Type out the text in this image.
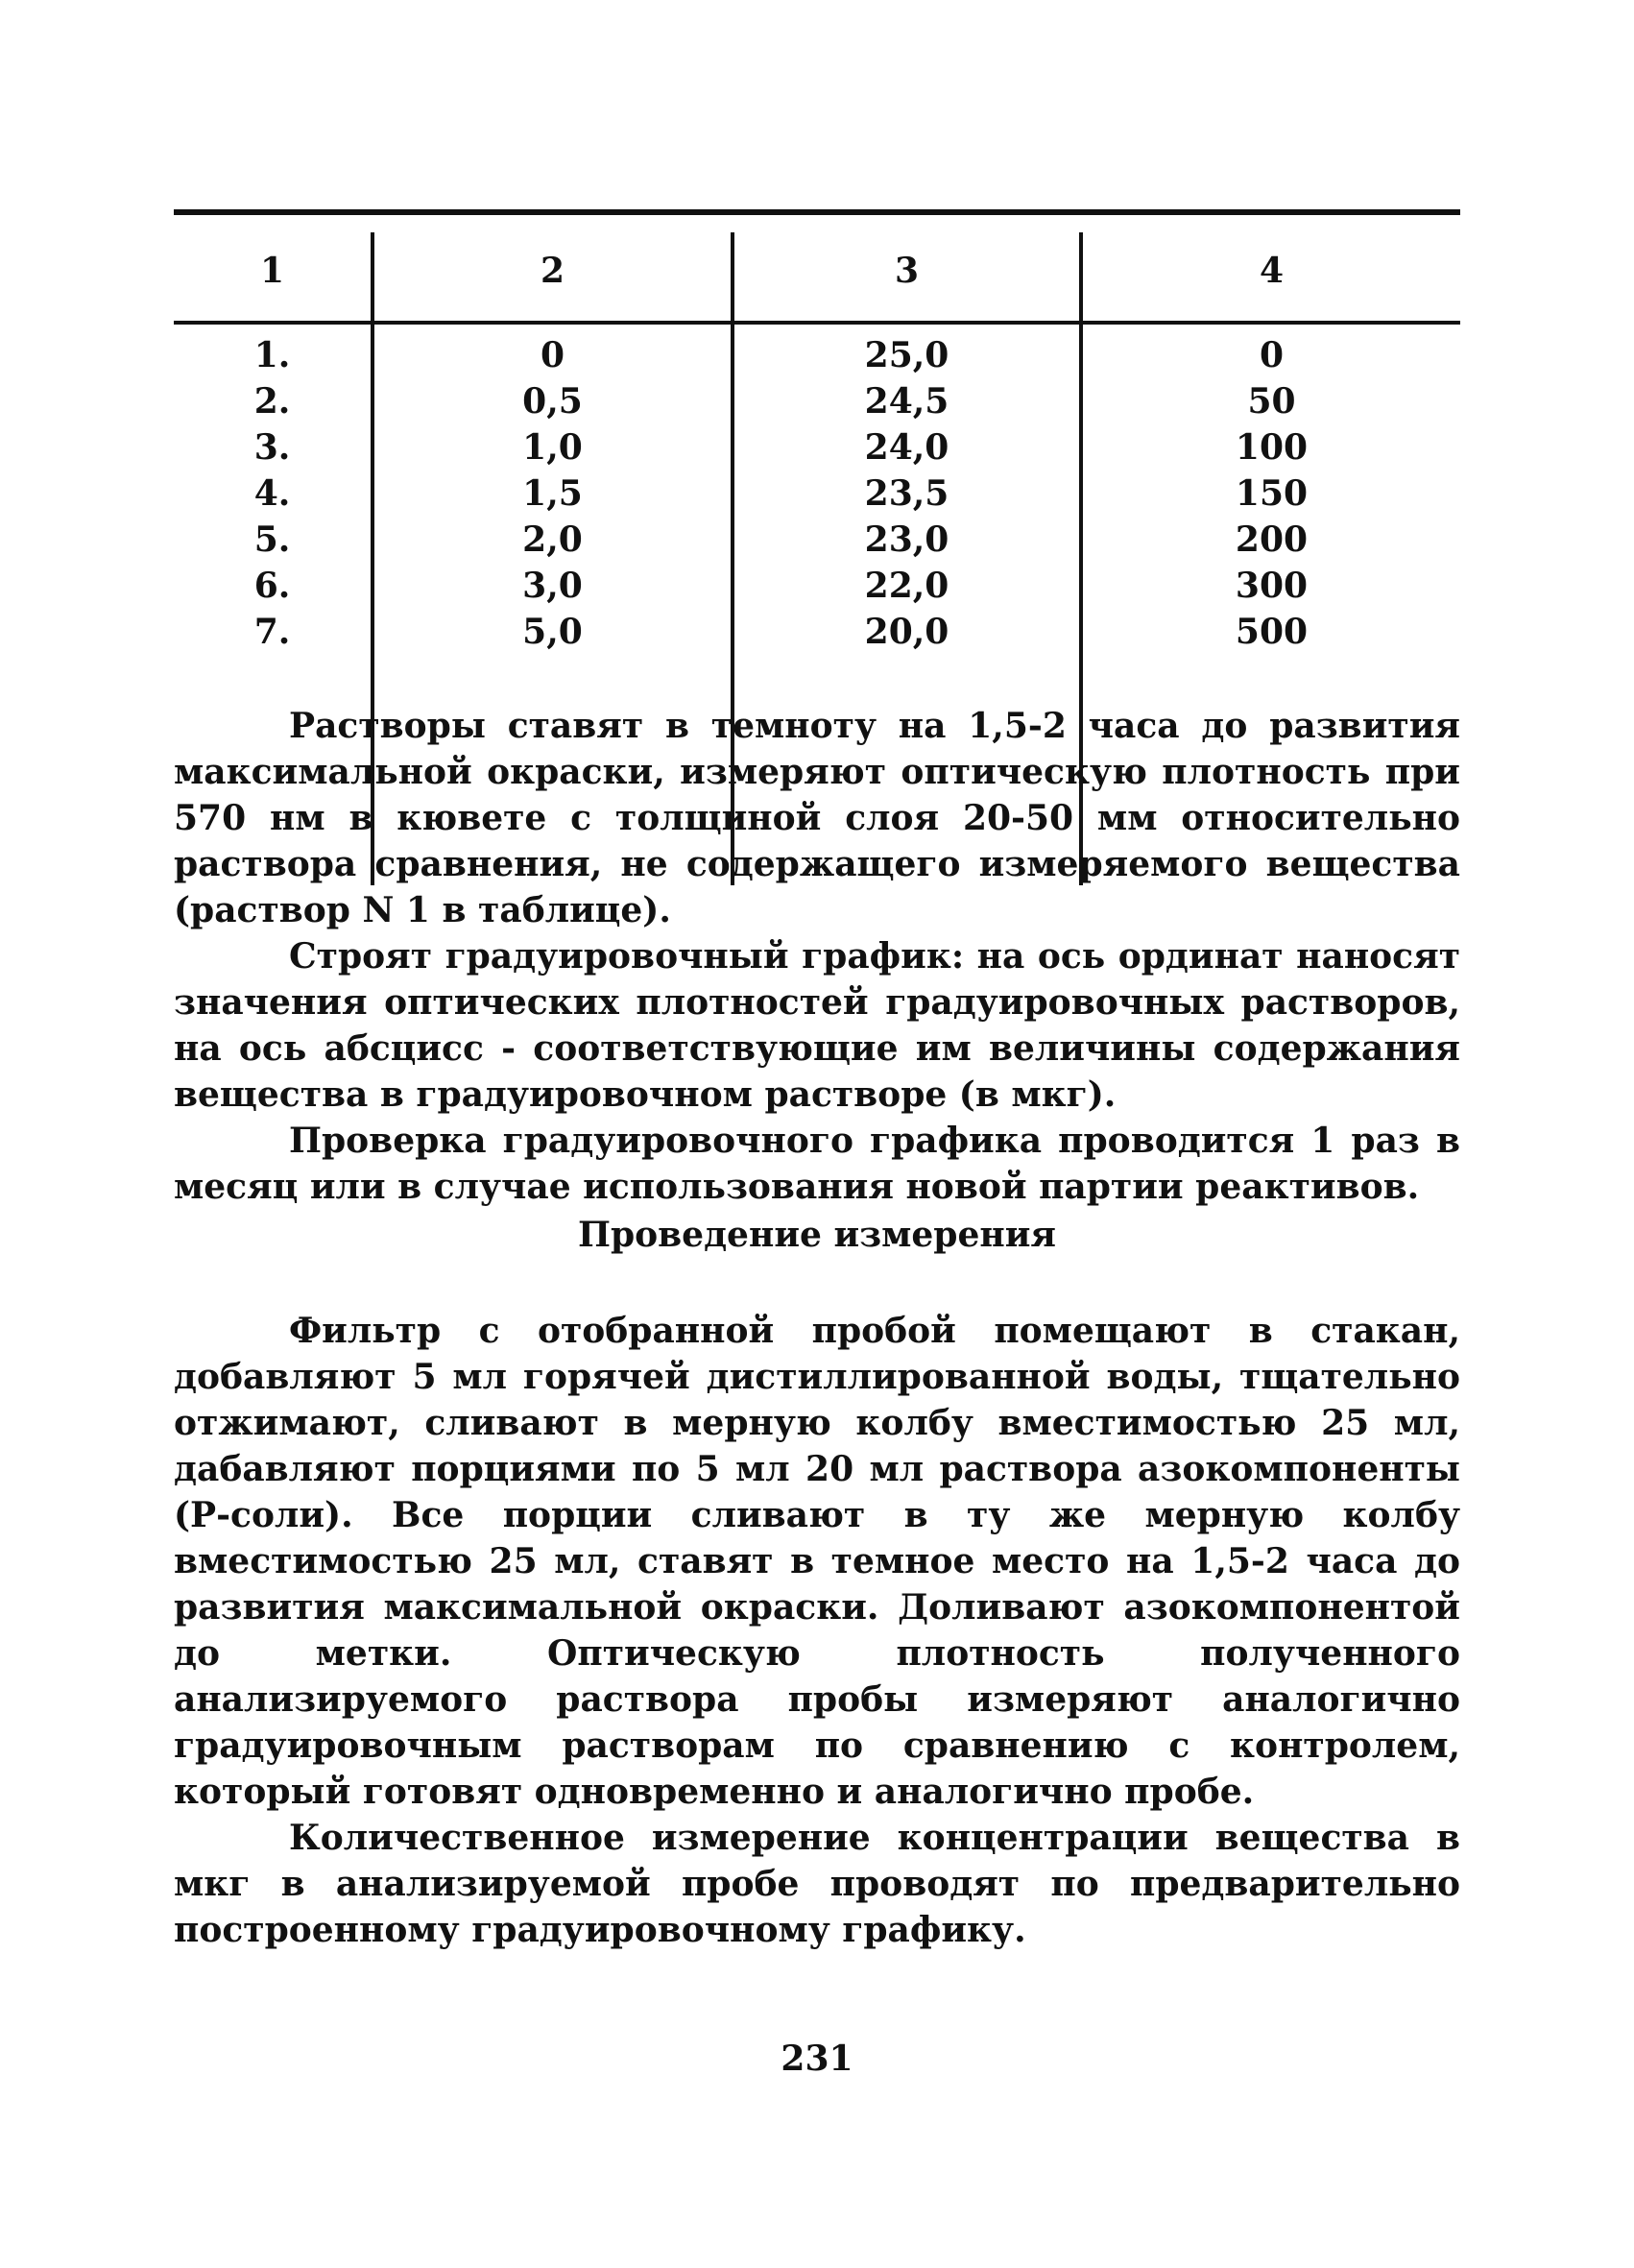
1	2	3	4
1.	0	25,0	0
2.	0,5	24,5	50
3.	1,0	24,0	100
4.	1,5	23,5	150
5.	2,0	23,0	200
6.	3,0	22,0	300
7.	5,0	20,0	500

Растворы ставят в темноту на 1,5-2 часа до развития максимальной окраски, измеряют оптическую плотность при 570 нм в кювете с толщиной слоя 20-50 мм относительно раствора сравнения, не содержащего измеряемого вещества (раствор N 1 в таблице).

Строят градуировочный график: на ось ординат наносят значения оптических плотностей градуировочных растворов, на ось абсцисс - соответствующие им величины содержания вещества в градуировочном растворе (в мкг).

Проверка градуировочного графика проводится 1 раз в месяц или в случае использования новой партии реактивов.

Проведение измерения

Фильтр с отобранной пробой помещают в стакан, добавляют 5 мл горячей дистиллированной воды, тщательно отжимают, сливают в мерную колбу вместимостью 25 мл, дабавляют порциями по 5 мл 20 мл раствора азокомпоненты (Р-соли). Все порции сливают в ту же мерную колбу вместимостью 25 мл, ставят в темное место на 1,5-2 часа до развития максимальной окраски. Доливают азокомпонентой до метки. Оптическую плотность полученного анализируемого раствора пробы измеряют аналогично градуировочным растворам по сравнению с контролем, который готовят одновременно и аналогично пробе.

Количественное измерение концентрации вещества в мкг в анализируемой пробе проводят по предварительно построенному градуировочному графику.

231
